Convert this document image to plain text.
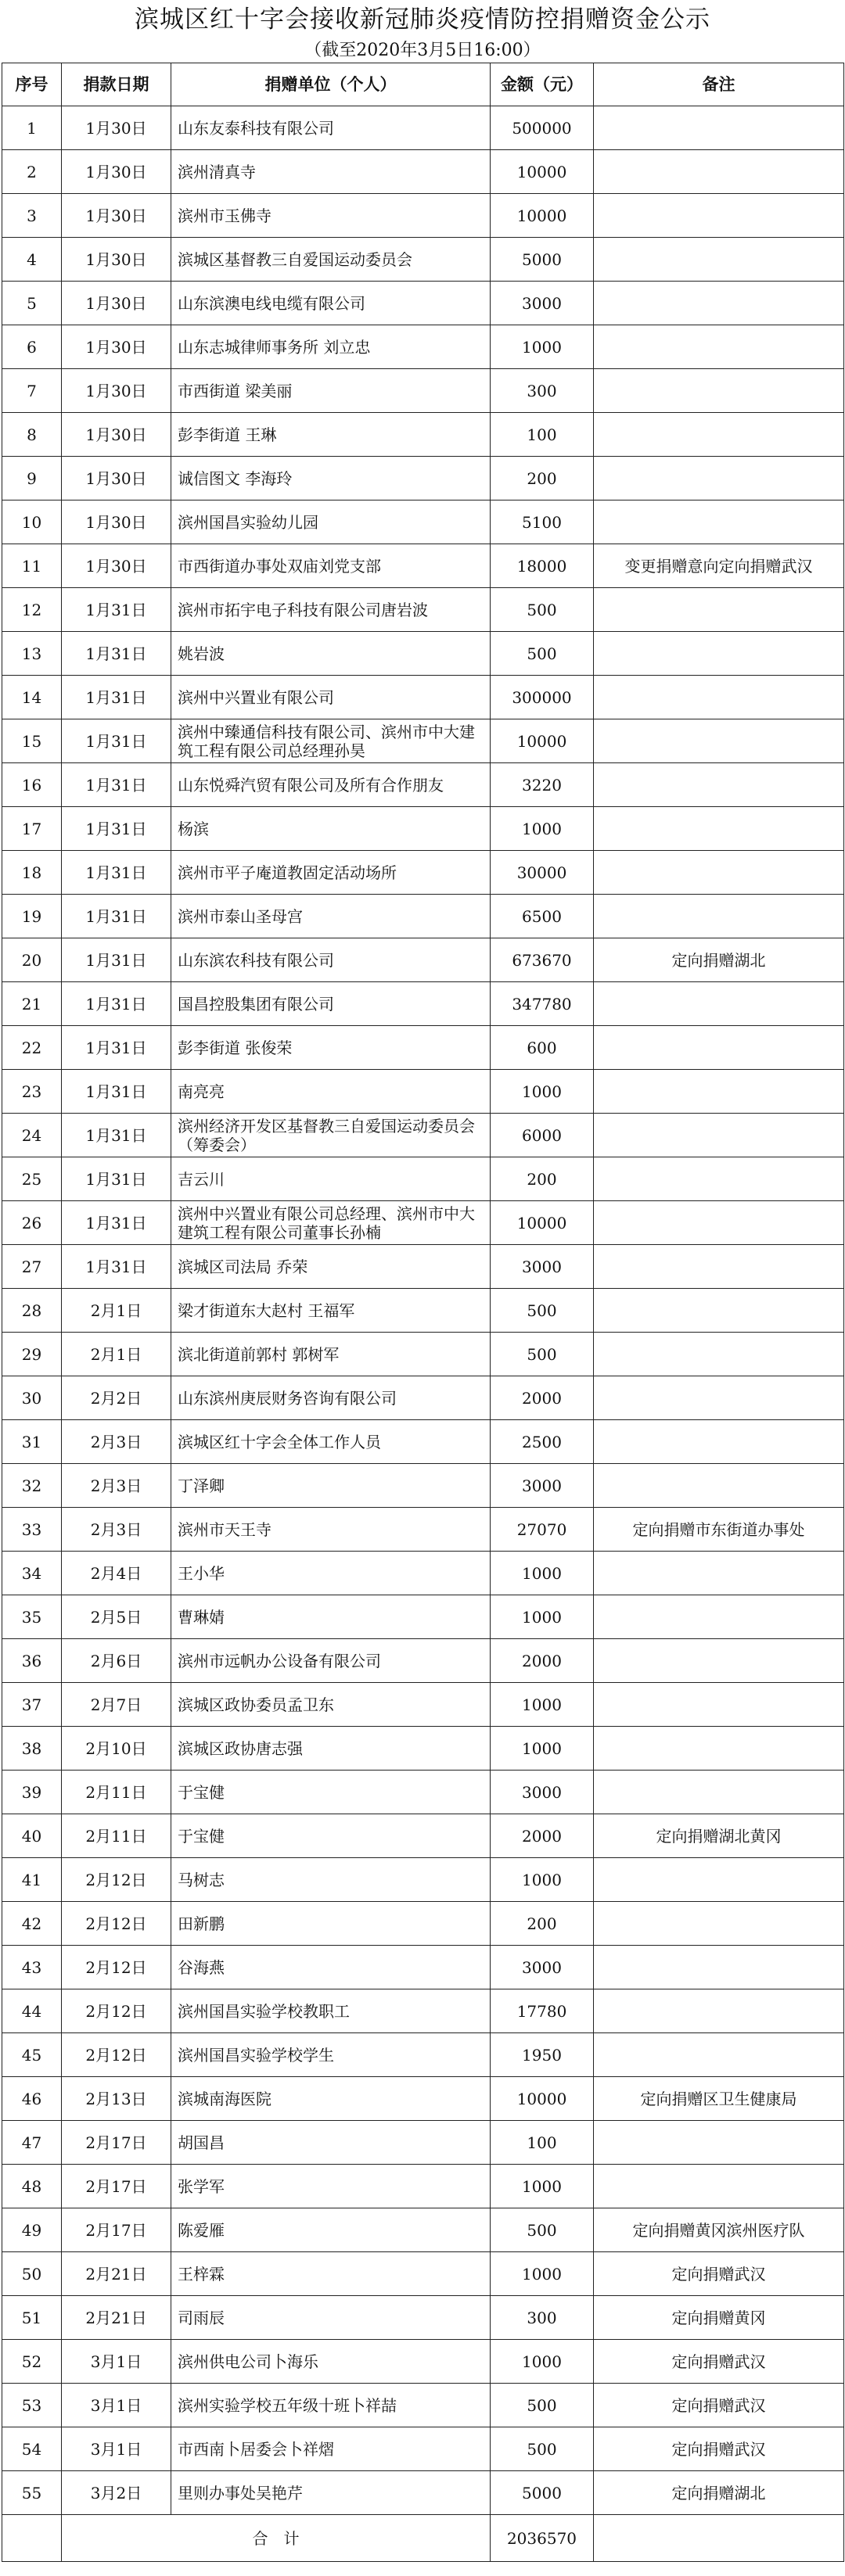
滨城区红十字会接收新冠肺炎疫情防控捐赠资金公示
（截至2020年3月5日16:00）
序号	捐款日期	捐赠单位（个人）	金额（元）	备注
1	1月30日	山东友泰科技有限公司	500000	
2	1月30日	滨州清真寺	10000	
3	1月30日	滨州市玉佛寺	10000	
4	1月30日	滨城区基督教三自爱国运动委员会	5000	
5	1月30日	山东滨澳电线电缆有限公司	3000	
6	1月30日	山东志城律师事务所 刘立忠	1000	
7	1月30日	市西街道 梁美丽	300	
8	1月30日	彭李街道 王琳	100	
9	1月30日	诚信图文 李海玲	200	
10	1月30日	滨州国昌实验幼儿园	5100	
11	1月30日	市西街道办事处双庙刘党支部	18000	变更捐赠意向定向捐赠武汉
12	1月31日	滨州市拓宇电子科技有限公司唐岩波	500	
13	1月31日	姚岩波	500	
14	1月31日	滨州中兴置业有限公司	300000	
15	1月31日	滨州中臻通信科技有限公司、滨州市中大建筑工程有限公司总经理孙昊	10000	
16	1月31日	山东悦舜汽贸有限公司及所有合作朋友	3220	
17	1月31日	杨滨	1000	
18	1月31日	滨州市平子庵道教固定活动场所	30000	
19	1月31日	滨州市泰山圣母宫	6500	
20	1月31日	山东滨农科技有限公司	673670	定向捐赠湖北
21	1月31日	国昌控股集团有限公司	347780	
22	1月31日	彭李街道 张俊荣	600	
23	1月31日	南亮亮	1000	
24	1月31日	滨州经济开发区基督教三自爱国运动委员会（筹委会）	6000	
25	1月31日	吉云川	200	
26	1月31日	滨州中兴置业有限公司总经理、滨州市中大建筑工程有限公司董事长孙楠	10000	
27	1月31日	滨城区司法局 乔荣	3000	
28	2月1日	梁才街道东大赵村 王福军	500	
29	2月1日	滨北街道前郭村 郭树军	500	
30	2月2日	山东滨州庚辰财务咨询有限公司	2000	
31	2月3日	滨城区红十字会全体工作人员	2500	
32	2月3日	丁泽卿	3000	
33	2月3日	滨州市天王寺	27070	定向捐赠市东街道办事处
34	2月4日	王小华	1000	
35	2月5日	曹琳婧	1000	
36	2月6日	滨州市远帆办公设备有限公司	2000	
37	2月7日	滨城区政协委员孟卫东	1000	
38	2月10日	滨城区政协唐志强	1000	
39	2月11日	于宝健	3000	
40	2月11日	于宝健	2000	定向捐赠湖北黄冈
41	2月12日	马树志	1000	
42	2月12日	田新鹏	200	
43	2月12日	谷海燕	3000	
44	2月12日	滨州国昌实验学校教职工	17780	
45	2月12日	滨州国昌实验学校学生	1950	
46	2月13日	滨城南海医院	10000	定向捐赠区卫生健康局
47	2月17日	胡国昌	100	
48	2月17日	张学军	1000	
49	2月17日	陈爱雁	500	定向捐赠黄冈滨州医疗队
50	2月21日	王梓霖	1000	定向捐赠武汉
51	2月21日	司雨辰	300	定向捐赠黄冈
52	3月1日	滨州供电公司卜海乐	1000	定向捐赠武汉
53	3月1日	滨州实验学校五年级十班卜祥喆	500	定向捐赠武汉
54	3月1日	市西南卜居委会卜祥熠	500	定向捐赠武汉
55	3月2日	里则办事处吴艳芹	5000	定向捐赠湖北
	合　计		2036570	
